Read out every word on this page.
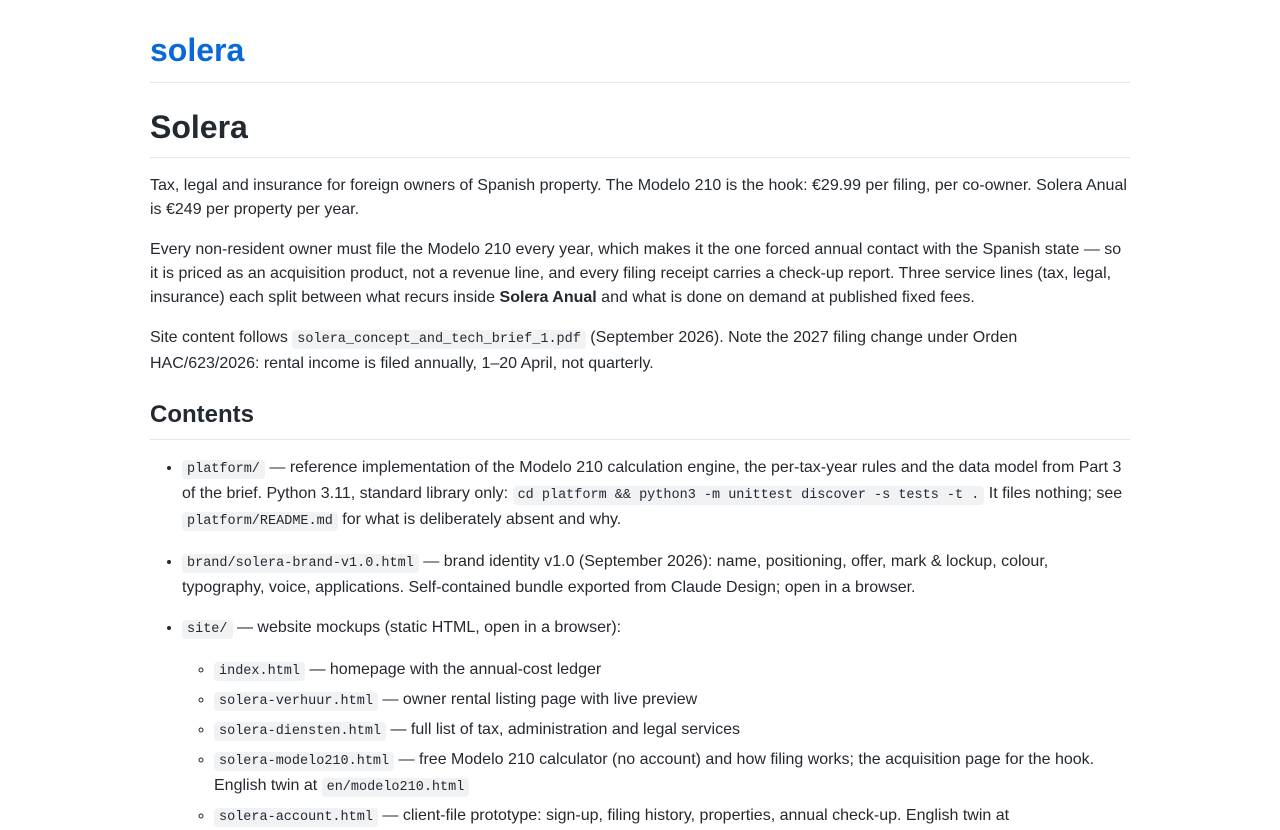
solera
Solera

Tax, legal and insurance for foreign owners of Spanish property. The Modelo 210 is the hook: €29.99 per filing, per co-owner. Solera Anual is €249 per property per year.

Every non-resident owner must file the Modelo 210 every year, which makes it the one forced annual contact with the Spanish state — so it is priced as an acquisition product, not a revenue line, and every filing receipt carries a check-up report. Three service lines (tax, legal, insurance) each split between what recurs inside Solera Anual and what is done on demand at published fixed fees.

Site content follows solera_concept_and_tech_brief_1.pdf (September 2026). Note the 2027 filing change under Orden HAC/623/2026: rental income is filed annually, 1–20 April, not quarterly.

Contents
• platform/ — reference implementation of the Modelo 210 calculation engine, the per-tax-year rules and the data model from Part 3 of the brief. Python 3.11, standard library only: cd platform && python3 -m unittest discover -s tests -t . It files nothing; see platform/README.md for what is deliberately absent and why.
• brand/solera-brand-v1.0.html — brand identity v1.0 (September 2026): name, positioning, offer, mark & lockup, colour, typography, voice, applications. Self-contained bundle exported from Claude Design; open in a browser.
• site/ — website mockups (static HTML, open in a browser):
◦ index.html — homepage with the annual-cost ledger
◦ solera-verhuur.html — owner rental listing page with live preview
◦ solera-diensten.html — full list of tax, administration and legal services
◦ solera-modelo210.html — free Modelo 210 calculator (no account) and how filing works; the acquisition page for the hook. English twin at en/modelo210.html
◦ solera-account.html — client-file prototype: sign-up, filing history, properties, annual check-up. English twin at
